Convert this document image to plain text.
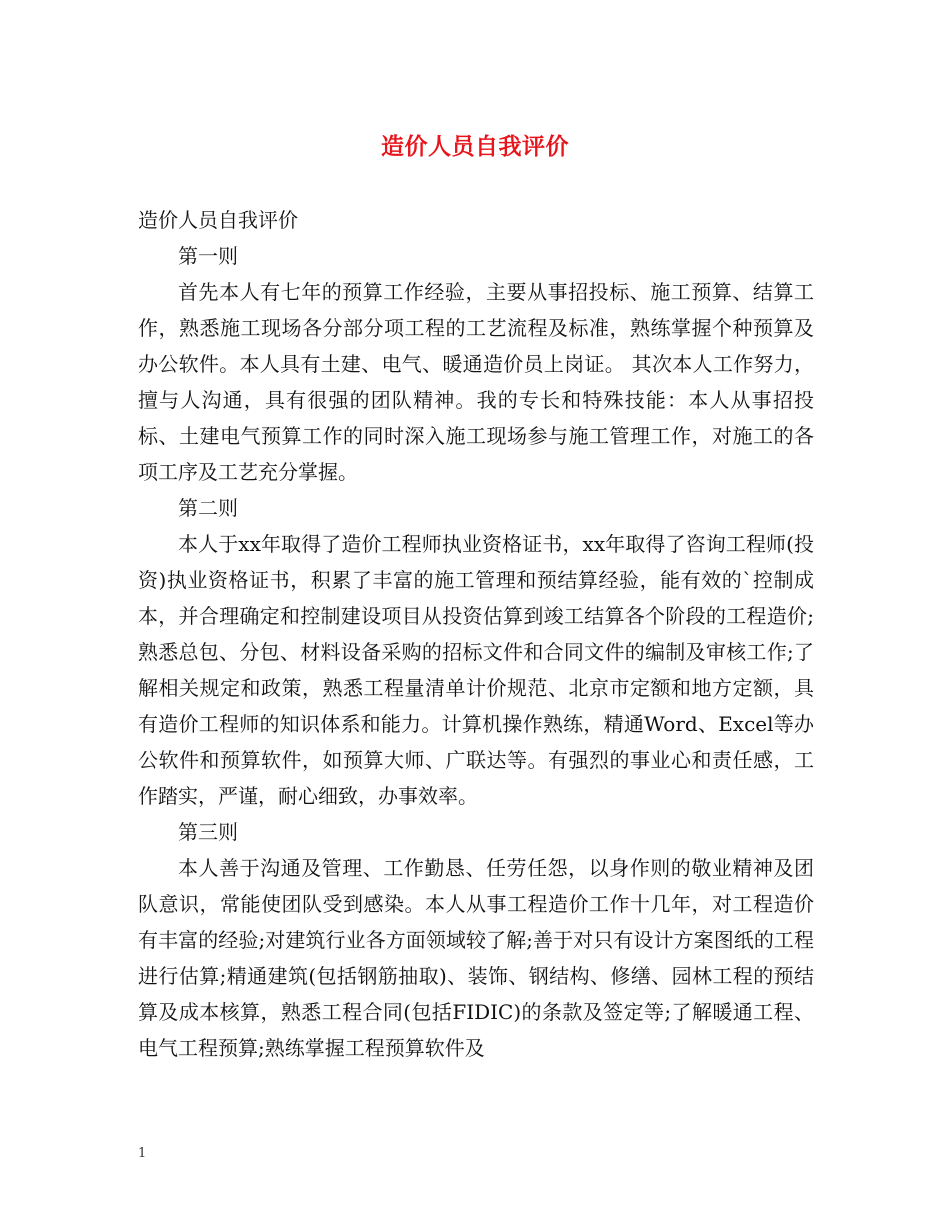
造价人员自我评价

造价人员自我评价

第一则

首先本人有七年的预算工作经验，主要从事招投标、施工预算、结算工作，熟悉施工现场各分部分项工程的工艺流程及标准，熟练掌握个种预算及办公软件。本人具有土建、电气、暖通造价员上岗证。 其次本人工作努力，擅与人沟通，具有很强的团队精神。我的专长和特殊技能：本人从事招投标、土建电气预算工作的同时深入施工现场参与施工管理工作，对施工的各项工序及工艺充分掌握。

第二则

本人于xx年取得了造价工程师执业资格证书，xx年取得了咨询工程师(投资)执业资格证书，积累了丰富的施工管理和预结算经验，能有效的`控制成本，并合理确定和控制建设项目从投资估算到竣工结算各个阶段的工程造价;熟悉总包、分包、材料设备采购的招标文件和合同文件的编制及审核工作;了解相关规定和政策，熟悉工程量清单计价规范、北京市定额和地方定额，具有造价工程师的知识体系和能力。计算机操作熟练，精通Word、Excel等办公软件和预算软件，如预算大师、广联达等。有强烈的事业心和责任感，工作踏实，严谨，耐心细致，办事效率。

第三则

本人善于沟通及管理、工作勤恳、任劳任怨，以身作则的敬业精神及团队意识，常能使团队受到感染。本人从事工程造价工作十几年，对工程造价有丰富的经验;对建筑行业各方面领域较了解;善于对只有设计方案图纸的工程进行估算;精通建筑(包括钢筋抽取)、装饰、钢结构、修缮、园林工程的预结算及成本核算，熟悉工程合同(包括FIDIC)的条款及签定等;了解暖通工程、电气工程预算;熟练掌握工程预算软件及

1
